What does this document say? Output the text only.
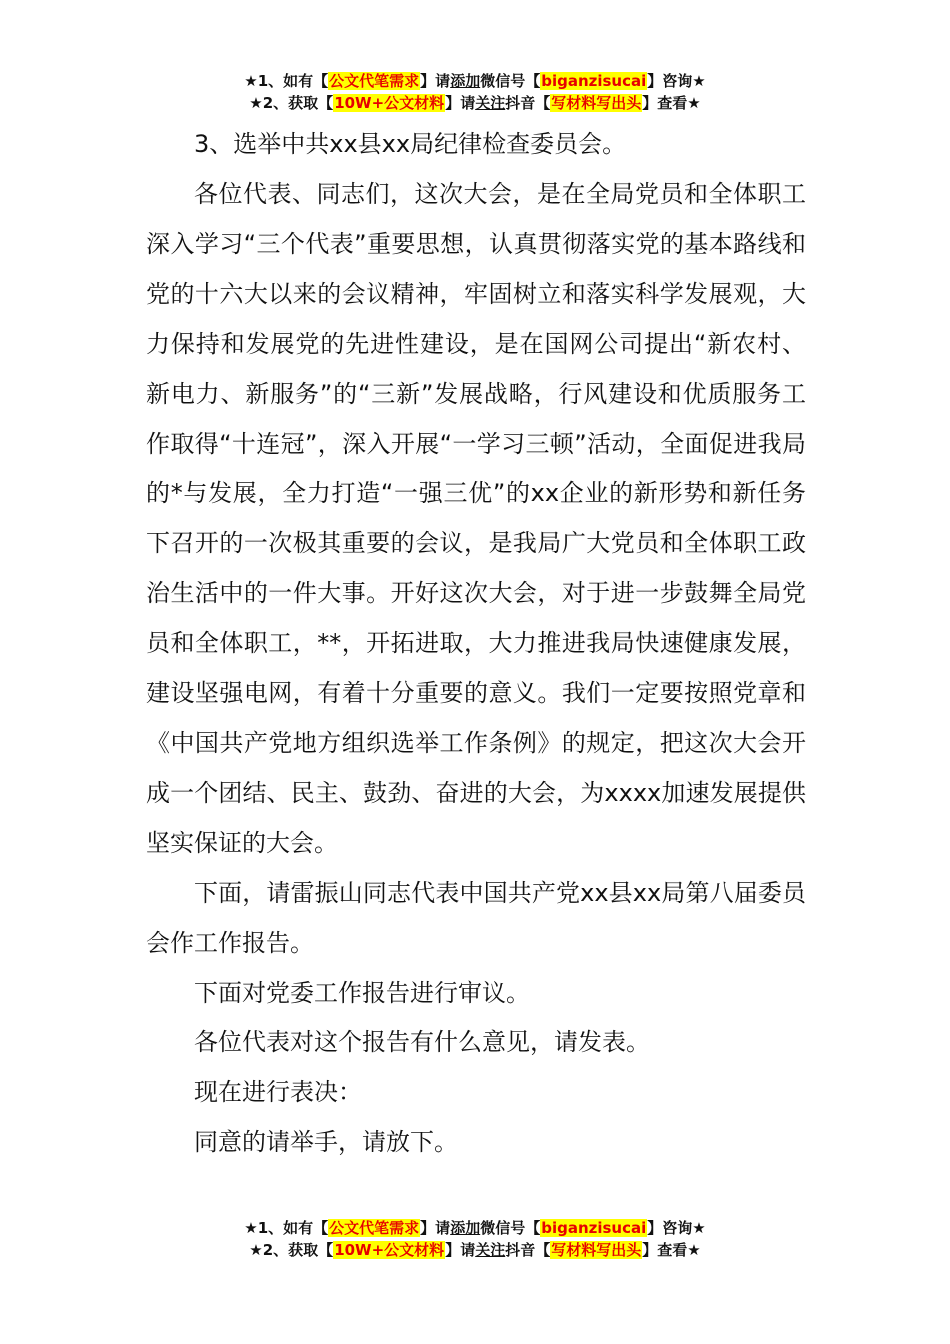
★1、如有【公文代笔需求】请添加微信号【biganzisucai】咨询★
★2、获取【10W+公文材料】请关注抖音【写材料写出头】查看★

3、选举中共xx县xx局纪律检查委员会。

各位代表、同志们，这次大会，是在全局党员和全体职工深入学习“三个代表”重要思想，认真贯彻落实党的基本路线和党的十六大以来的会议精神，牢固树立和落实科学发展观，大力保持和发展党的先进性建设，是在国网公司提出“新农村、新电力、新服务”的“三新”发展战略，行风建设和优质服务工作取得“十连冠”，深入开展“一学习三顿”活动，全面促进我局的*与发展，全力打造“一强三优”的xx企业的新形势和新任务下召开的一次极其重要的会议，是我局广大党员和全体职工政治生活中的一件大事。开好这次大会，对于进一步鼓舞全局党员和全体职工，**，开拓进取，大力推进我局快速健康发展，建设坚强电网，有着十分重要的意义。我们一定要按照党章和《中国共产党地方组织选举工作条例》的规定，把这次大会开成一个团结、民主、鼓劲、奋进的大会，为xxxx加速发展提供坚实保证的大会。

下面，请雷振山同志代表中国共产党xx县xx局第八届委员会作工作报告。

下面对党委工作报告进行审议。

各位代表对这个报告有什么意见，请发表。

现在进行表决：

同意的请举手，请放下。

★1、如有【公文代笔需求】请添加微信号【biganzisucai】咨询★
★2、获取【10W+公文材料】请关注抖音【写材料写出头】查看★
